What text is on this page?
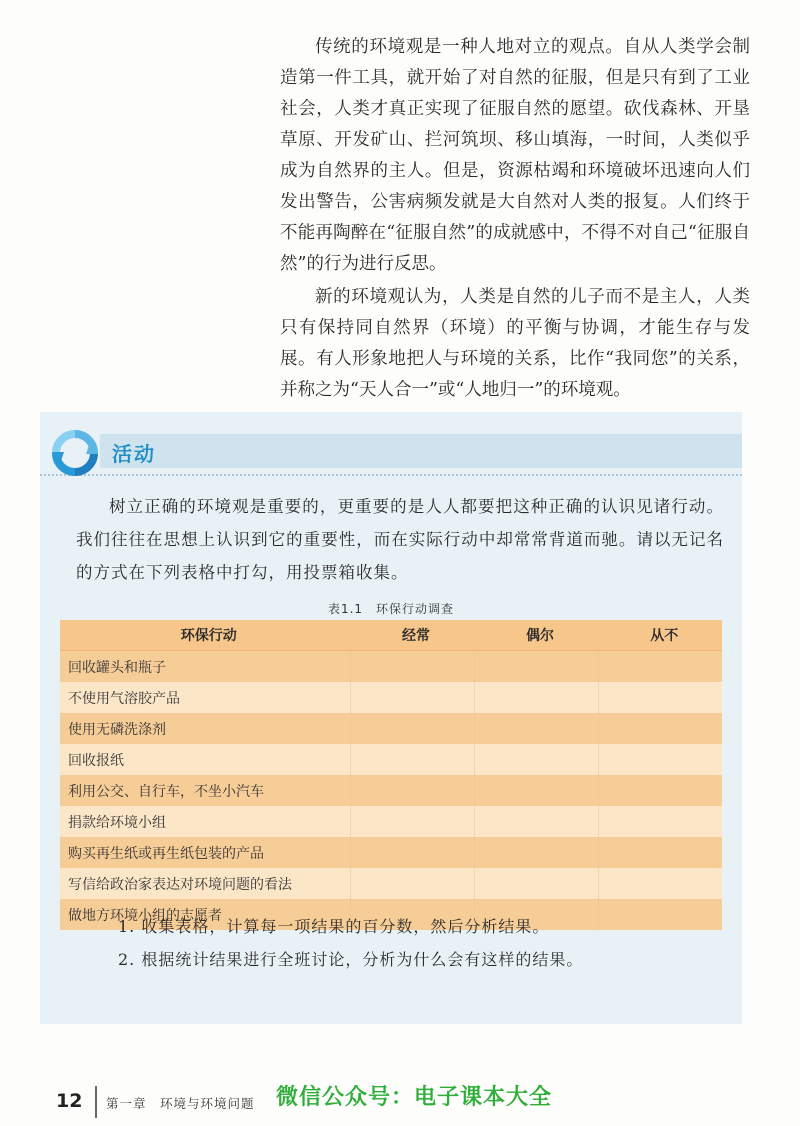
传统的环境观是一种人地对立的观点。自从人类学会制造第一件工具，就开始了对自然的征服，但是只有到了工业社会，人类才真正实现了征服自然的愿望。砍伐森林、开垦草原、开发矿山、拦河筑坝、移山填海，一时间，人类似乎成为自然界的主人。但是，资源枯竭和环境破坏迅速向人们发出警告，公害病频发就是大自然对人类的报复。人们终于不能再陶醉在“征服自然”的成就感中，不得不对自己“征服自然”的行为进行反思。

新的环境观认为，人类是自然的儿子而不是主人，人类只有保持同自然界（环境）的平衡与协调，才能生存与发展。有人形象地把人与环境的关系，比作“我同您”的关系，并称之为“天人合一”或“人地归一”的环境观。

活动

树立正确的环境观是重要的，更重要的是人人都要把这种正确的认识见诸行动。我们往往在思想上认识到它的重要性，而在实际行动中却常常背道而驰。请以无记名的方式在下列表格中打勾，用投票箱收集。

表1.1　环保行动调查
环保行动	经常	偶尔	从不
回收罐头和瓶子			
不使用气溶胶产品			
使用无磷洗涤剂			
回收报纸			
利用公交、自行车，不坐小汽车			
捐款给环境小组			
购买再生纸或再生纸包装的产品			
写信给政治家表达对环境问题的看法			
做地方环境小组的志愿者			
1. 收集表格，计算每一项结果的百分数，然后分析结果。
2. 根据统计结果进行全班讨论，分析为什么会有这样的结果。
12 第一章　环境与环境问题 微信公众号：电子课本大全
